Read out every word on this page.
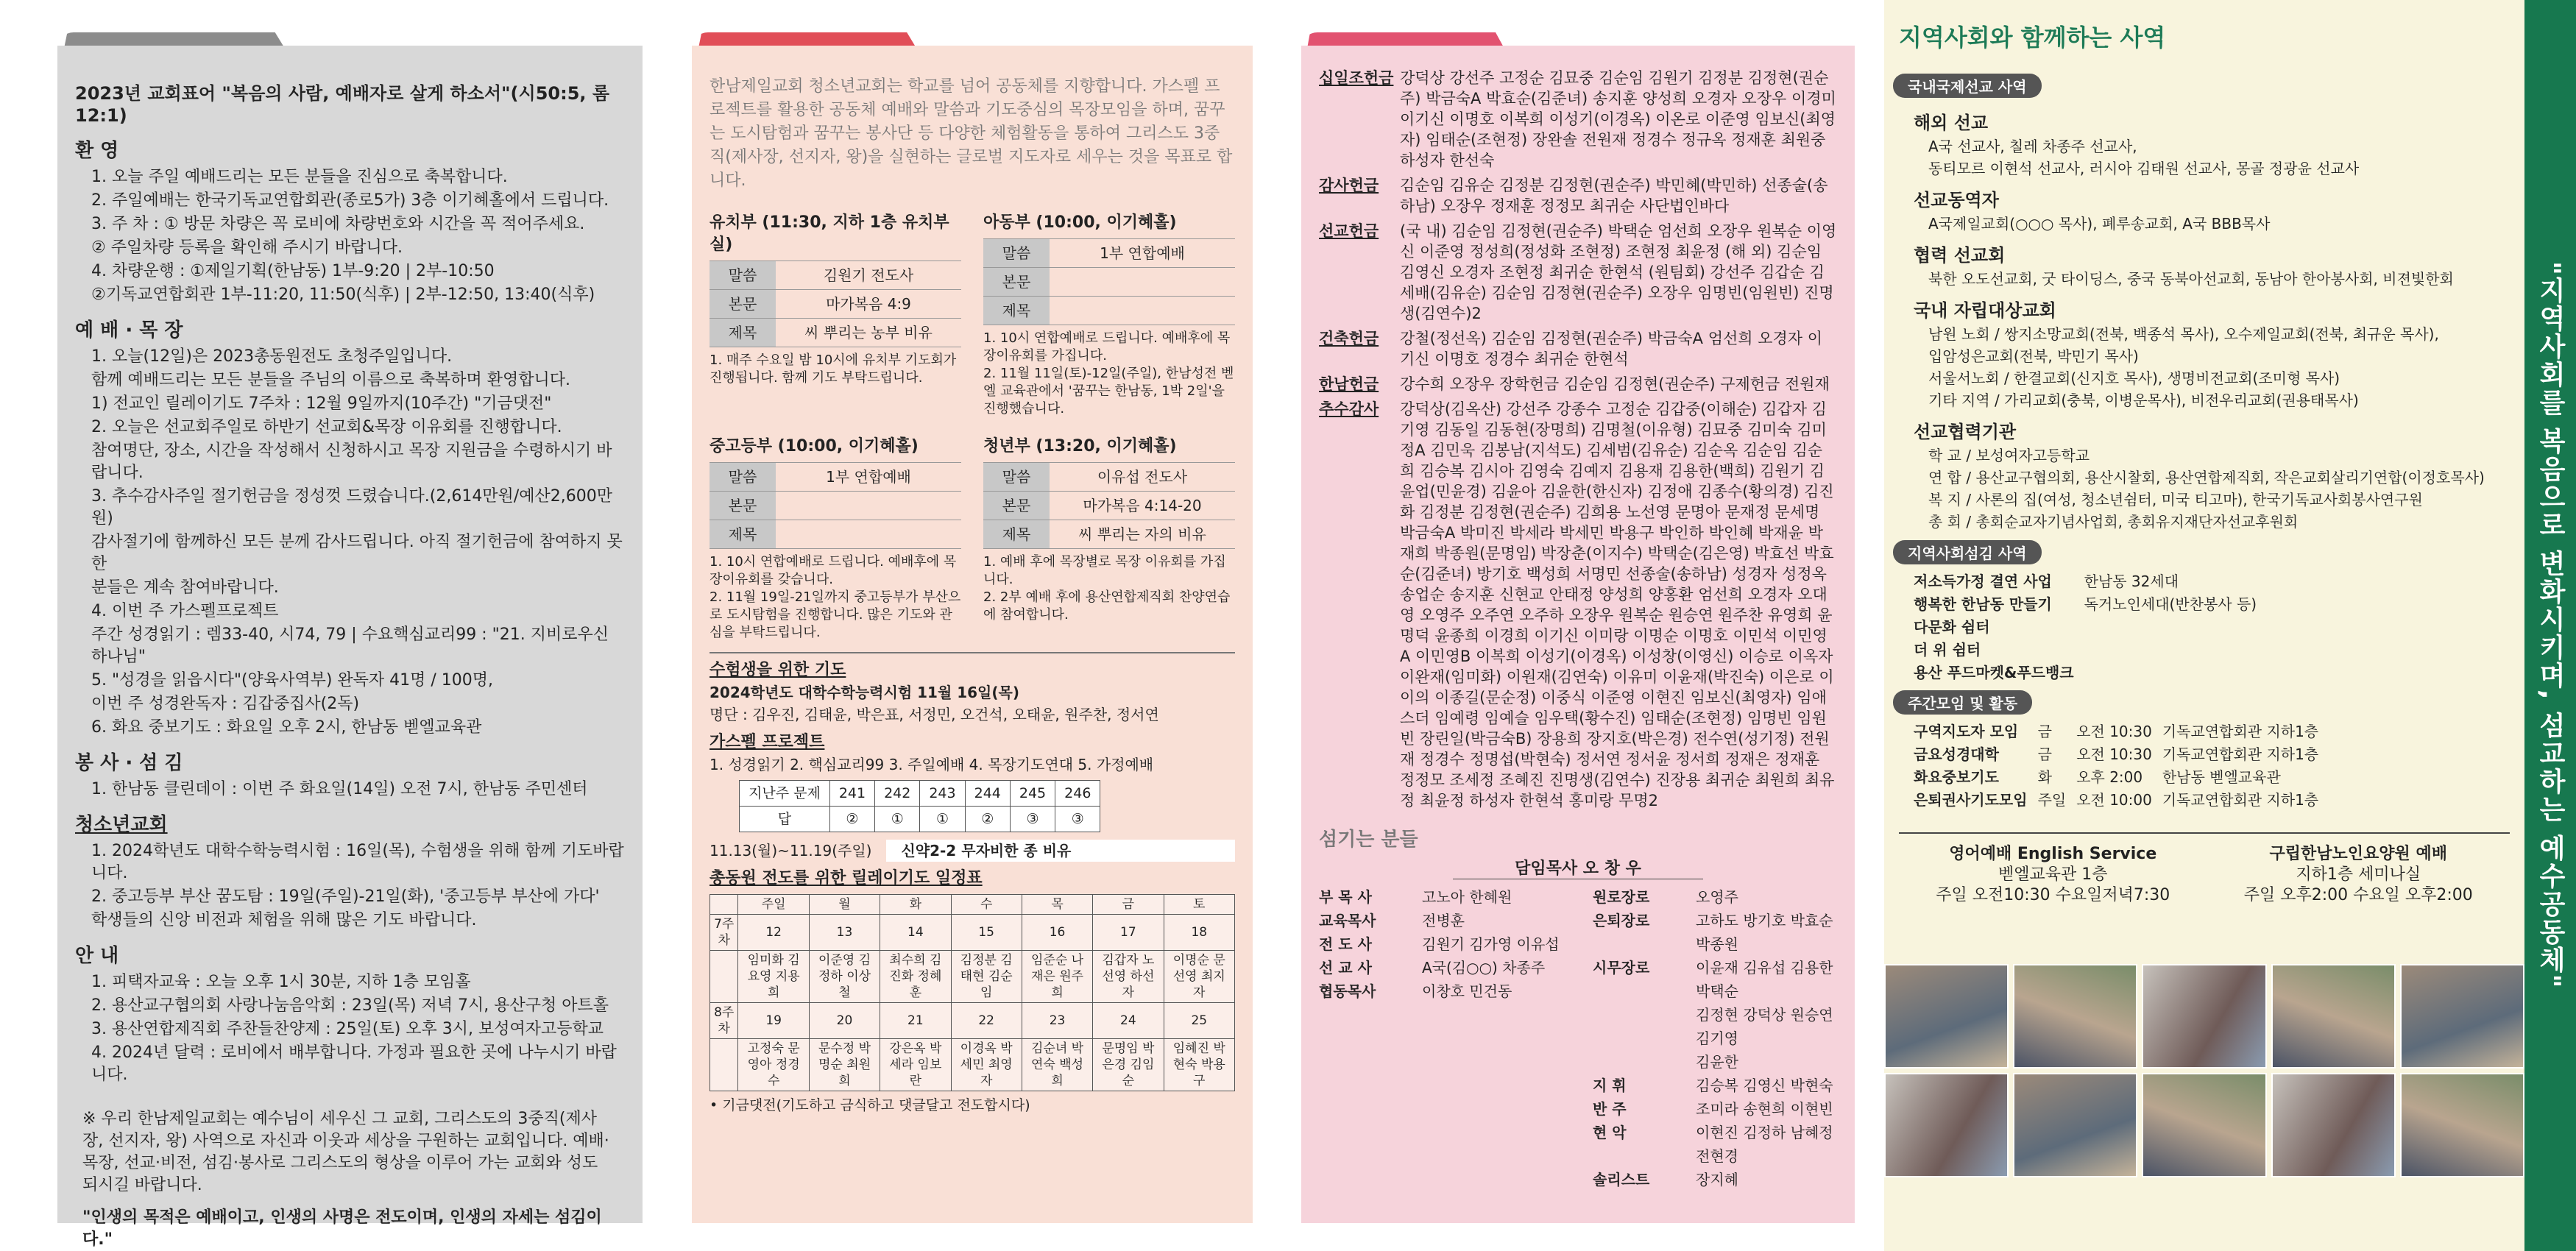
2023년 교회표어 "복음의 사람, 예배자로 살게 하소서"(시50:5, 롬 12:1)
환 영
1. 오늘 주일 예배드리는 모든 분들을 진심으로 축복합니다.
2. 주일예배는 한국기독교연합회관(종로5가) 3층 이기혜홀에서 드립니다.
3. 주 차 : ① 방문 차량은 꼭 로비에 차량번호와 시간을 꼭 적어주세요.
② 주일차량 등록을 확인해 주시기 바랍니다.
4. 차량운행 : ①제일기획(한남동) 1부-9:20 | 2부-10:50
②기독교연합회관 1부-11:20, 11:50(식후) | 2부-12:50, 13:40(식후)
예 배 · 목 장
1. 오늘(12일)은 2023총동원전도 초청주일입니다.
함께 예배드리는 모든 분들을 주님의 이름으로 축복하며 환영합니다.
1) 전교인 릴레이기도 7주차 : 12월 9일까지(10주간) "기금댓전"
2. 오늘은 선교회주일로 하반기 선교회&목장 이유회를 진행합니다.
참여명단, 장소, 시간을 작성해서 신청하시고 목장 지원금을 수령하시기 바랍니다.
3. 추수감사주일 절기헌금을 정성껏 드렸습니다.(2,614만원/예산2,600만원)
감사절기에 함께하신 모든 분께 감사드립니다. 아직 절기헌금에 참여하지 못한
분들은 계속 참여바랍니다.
4. 이번 주 가스펠프로젝트
주간 성경읽기 : 렘33-40, 시74, 79 | 수요핵심교리99 : "21. 지비로우신 하나님"
5. "성경을 읽읍시다"(양육사역부) 완독자 41명 / 100명,
이번 주 성경완독자 : 김갑중집사(2독)
6. 화요 중보기도 : 화요일 오후 2시, 한남동 벧엘교육관
봉 사 · 섬 김
1. 한남동 클린데이 : 이번 주 화요일(14일) 오전 7시, 한남동 주민센터
청소년교회
1. 2024학년도 대학수학능력시험 : 16일(목), 수험생을 위해 함께 기도바랍니다.
2. 중고등부 부산 꿈도탐 : 19일(주일)-21일(화), '중고등부 부산에 가다'
학생들의 신앙 비전과 체험을 위해 많은 기도 바랍니다.
안 내
1. 피택자교육 : 오늘 오후 1시 30분, 지하 1층 모임홀
2. 용산교구협의회 사랑나눔음악회 : 23일(목) 저녁 7시, 용산구청 아트홀
3. 용산연합제직회 주찬들찬양제 : 25일(토) 오후 3시, 보성여자고등학교
4. 2024년 달력 : 로비에서 배부합니다. 가정과 필요한 곳에 나누시기 바랍니다.
※ 우리 한남제일교회는 예수님이 세우신 그 교회, 그리스도의 3중직(제사장, 선지자, 왕) 사역으로 자신과 이웃과 세상을 구원하는 교회입니다. 예배·목장, 선교·비전, 섬김·봉사로 그리스도의 형상을 이루어 가는 교회와 성도 되시길 바랍니다.
"인생의 목적은 예배이고, 인생의 사명은 전도이며, 인생의 자세는 섬김이다."
한남제일교회 청소년교회는 학교를 넘어 공동체를 지향합니다. 가스펠 프로젝트를 활용한 공동체 예배와 말씀과 기도중심의 목장모임을 하며, 꿈꾸는 도시탐험과 꿈꾸는 봉사단 등 다양한 체험활동을 통하여 그리스도 3중직(제사장, 선지자, 왕)을 실현하는 글로벌 지도자로 세우는 것을 목표로 합니다.
유치부 (11:30, 지하 1층 유치부실)
말씀	김원기 전도사
본문	마가복음 4:9
제목	씨 뿌리는 농부 비유
1. 매주 수요일 밤 10시에 유치부 기도회가 진행됩니다. 함께 기도 부탁드립니다.
아동부 (10:00, 이기혜홀)
말씀	1부 연합예배
본문	
제목	
1. 10시 연합예배로 드립니다. 예배후에 목장이유회를 가집니다.
2. 11월 11일(토)-12일(주일), 한남성전 벧엘 교육관에서 '꿈꾸는 한남동, 1박 2일'을 진행했습니다.
중고등부 (10:00, 이기혜홀)
말씀	1부 연합예배
본문	
제목	
1. 10시 연합예배로 드립니다. 예배후에 목장이유회를 갖습니다.
2. 11월 19일-21일까지 중고등부가 부산으로 도시탐험을 진행합니다. 많은 기도와 관심을 부탁드립니다.
청년부 (13:20, 이기혜홀)
말씀	이유섭 전도사
본문	마가복음 4:14-20
제목	씨 뿌리는 자의 비유
1. 예배 후에 목장별로 목장 이유회를 가집니다.
2. 2부 예배 후에 용산연합제직회 찬양연습에 참여합니다.
수험생을 위한 기도
2024학년도 대학수학능력시험 11월 16일(목)
명단 : 김우진, 김태윤, 박은표, 서정민, 오건석, 오태윤, 원주찬, 정서연
가스펠 프로젝트
1. 성경읽기 2. 핵심교리99 3. 주일예배 4. 목장기도연대 5. 가정예배
지난주 문제	241	242	243	244	245	246
답	②	①	①	②	③	③
11.13(월)~11.19(주일)	신약2-2 무자비한 종 비유
총동원 전도를 위한 릴레이기도 일정표
	주일	월	화	수	목	금	토
7주차	12	13	14	15	16	17	18
	임미화 김요영 지용희	이준영 김정하 이상철	최수희 김진화 정혜훈	김정분 김태현 김순임	임준순 나재은 원주희	김갑자 노선영 하선자	이명순 문선영 최지자
8주차	19	20	21	22	23	24	25
	고정숙 문영아 정경수	문수정 박명순 최원희	강은옥 박세라 임보란	이경옥 박세민 최영자	김순녀 박연숙 백성희	문명임 박은경 김임순	임혜진 박현숙 박용구
• 기금댓전(기도하고 금식하고 댓글달고 전도합시다)
십일조헌금 강덕상 강선주 고정순 김묘중 김순임 김원기 김정분 김정현(권순주) 박금숙A 박효순(김준녀) 송지훈 양성희 오경자 오장우 이경미 이기신 이명호 이복희 이성기(이경옥) 이온로 이준영 임보신(최영자) 임태순(조현정) 장완솔 전원재 정경수 정규옥 정재훈 최원중 하성자 한선숙
감사헌금	김순임 김유순 김정분 김정현(권순주) 박민혜(박민하) 선종술(송하남) 오장우 정재훈 정정모 최귀순 사단법인바다
선교헌금	(국 내) 김순임 김정현(권순주) 박택순 엄선희 오장우 원복순 이영신 이준영 정성희(정성화 조현정) 조현정 최윤정 (해 외) 김순임 김영신 오경자 조현정 최귀순 한현석 (원팀회) 강선주 김갑순 김세배(김유순) 김순임 김정현(권순주) 오장우 임명빈(임원빈) 진명생(김연수)2
건축헌금	강철(정선옥) 김순임 김정현(권순주) 박금숙A 엄선희 오경자 이기신 이명호 정경수 최귀순 한현석
한남헌금	강수희 오장우 장학헌금 김순임 김정현(권순주) 구제헌금 전원재
추수감사	강덕상(김옥산) 강선주 강종수 고정순 김갑중(이해순) 김갑자 김기영 김동일 김동현(장명희) 김명철(이유형) 김묘중 김미숙 김미정A 김민욱 김봉남(지석도) 김세범(김유순) 김순옥 김순임 김순희 김승복 김시아 김영숙 김예지 김용재 김용한(백희) 김원기 김윤업(민윤경) 김윤아 김윤한(한신자) 김정애 김종수(황의경) 김진화 김정분 김정현(권순주) 김희용 노선영 문명아 문재정 문세명 박금숙A 박미진 박세라 박세민 박용구 박인하 박인혜 박재윤 박재희 박종원(문명임) 박장춘(이지수) 박택순(김은영) 박효선 박효순(김준녀) 방기호 백성희 서명민 선종술(송하남) 성경자 성정옥 송업순 송지훈 신현교 안태정 양성희 양홍환 엄선희 오경자 오대영 오영주 오주연 오주하 오장우 원복순 원승연 원주찬 유영희 윤명덕 윤종희 이경희 이기신 이미랑 이명순 이명호 이민석 이민영A 이민영B 이복희 이성기(이경옥) 이성창(이영신) 이승로 이옥자 이완재(임미화) 이원재(김연숙) 이유미 이윤재(박진숙) 이은로 이이의 이종길(문순정) 이중식 이준영 이현진 임보신(최영자) 임애스더 임예령 임예슬 임우택(황수진) 임태순(조현정) 임명빈 임원빈 장린일(박금숙B) 장용희 장지호(박은경) 전수연(성기정) 전원재 정경수 정명섭(박현숙) 정서연 정서윤 정서희 정재은 정재훈 정정모 조세정 조혜진 진명생(김연수) 진장용 최귀순 최원희 최유정 최윤정 하성자 한현석 홍미랑 무명2
섬기는 분들
담임목사 오 창 우
부 목 사	고노아 한혜원
교육목사	전병훈
전 도 사	김원기 김가영 이유섭
선 교 사	A국(김○○) 차종주
협동목사	이창호 민건동
원로장로	오영주
은퇴장로	고하도 방기호 박효순 박종원
시무장로	이윤재 김유섭 김용한 박택순
김정현 강덕상 원승연 김기영
김윤한
지 휘	김승복 김영신 박현숙
반 주	조미라 송현희 이현빈
현 악	이현진 김정하 남혜정 전현경
솔리스트	장지혜
지역사회와 함께하는 사역
국내국제선교 사역
해외 선교
A국 선교사, 칠레 차종주 선교사,
동티모르 이현석 선교사, 러시아 김태원 선교사, 몽골 정광윤 선교사
선교동역자
A국제일교회(○○○ 목사), 폐루송교회, A국 BBB목사
협력 선교회
북한 오도선교회, 굿 타이딩스, 중국 동북아선교회, 동남아 한아봉사회, 비젼빛한회
국내 자립대상교회
남원 노회 / 쌍지소망교회(전북, 백종석 목사), 오수제일교회(전북, 최규운 목사),
입암성은교회(전북, 박민기 목사)
서울서노회 / 한결교회(신지호 목사), 생명비전교회(조미형 목사)
기타 지역 / 가리교회(충북, 이병운목사), 비전우리교회(권용태목사)
선교협력기관
학 교 / 보성여자고등학교
연 합 / 용산교구협의회, 용산시찰회, 용산연합제직회, 작은교회살리기연합(이정호목사)
복 지 / 사론의 집(여성, 청소년쉼터, 미국 티고마), 한국기독교사회봉사연구원
총 회 / 총회순교자기념사업회, 총회유지재단자선교후원회
지역사회섬김 사역
저소득가정 결연 사업	한남동 32세대
행복한 한남동 만들기	독거노인세대(반찬봉사 등)
다문화 쉼터	
더 위 쉼터	
용산 푸드마켓&푸드뱅크	
주간모임 및 활동
구역지도자 모임	금	오전 10:30	기독교연합회관 지하1층
금요성경대학	금	오전 10:30	기독교연합회관 지하1층
화요중보기도	화	오후 2:00	한남동 벧엘교육관
은퇴권사기도모임	주일	오전 10:00	기독교연합회관 지하1층
영어예배 English Service
벧엘교육관 1층
주일 오전10:30 수요일저녁7:30
구립한남노인요양원 예배
지하1층 세미나실
주일 오후2:00 수요일 오후2:00 "지역사회를 복음으로 변화시키며, 섬교하는 예수공동체"
